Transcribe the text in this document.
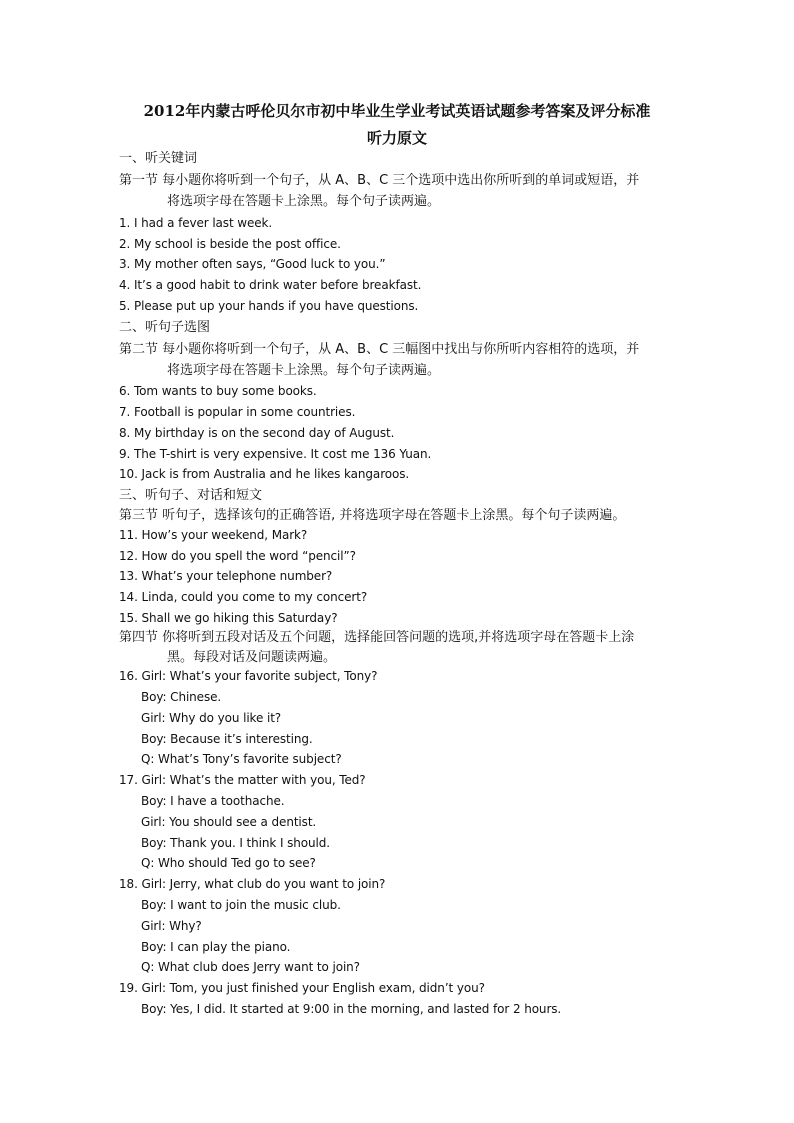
2012年内蒙古呼伦贝尔市初中毕业生学业考试英语试题参考答案及评分标准
听力原文
一、听关键词
第一节 每小题你将听到一个句子，从 A、B、C 三个选项中选出你所听到的单词或短语，并
将选项字母在答题卡上涂黑。每个句子读两遍。
1. I had a fever last week.
2. My school is beside the post office.
3. My mother often says, “Good luck to you.”
4. It’s a good habit to drink water before breakfast.
5. Please put up your hands if you have questions.
二、听句子选图
第二节 每小题你将听到一个句子，从 A、B、C 三幅图中找出与你所听内容相符的选项，并
将选项字母在答题卡上涂黑。每个句子读两遍。
6. Tom wants to buy some books.
7. Football is popular in some countries.
8. My birthday is on the second day of August.
9. The T-shirt is very expensive. It cost me 136 Yuan.
10. Jack is from Australia and he likes kangaroos.
三、听句子、对话和短文
第三节 听句子，选择该句的正确答语, 并将选项字母在答题卡上涂黑。每个句子读两遍。
11. How’s your weekend, Mark?
12. How do you spell the word “pencil”?
13. What’s your telephone number?
14. Linda, could you come to my concert?
15. Shall we go hiking this Saturday?
第四节 你将听到五段对话及五个问题，选择能回答问题的选项,并将选项字母在答题卡上涂
黑。每段对话及问题读两遍。
16. Girl: What’s your favorite subject, Tony?
Boy: Chinese.
Girl: Why do you like it?
Boy: Because it’s interesting.
Q: What’s Tony’s favorite subject?
17. Girl: What’s the matter with you, Ted?
Boy: I have a toothache.
Girl: You should see a dentist.
Boy: Thank you. I think I should.
Q: Who should Ted go to see?
18. Girl: Jerry, what club do you want to join?
Boy: I want to join the music club.
Girl: Why?
Boy: I can play the piano.
Q: What club does Jerry want to join?
19. Girl: Tom, you just finished your English exam, didn’t you?
Boy: Yes, I did. It started at 9:00 in the morning, and lasted for 2 hours.
